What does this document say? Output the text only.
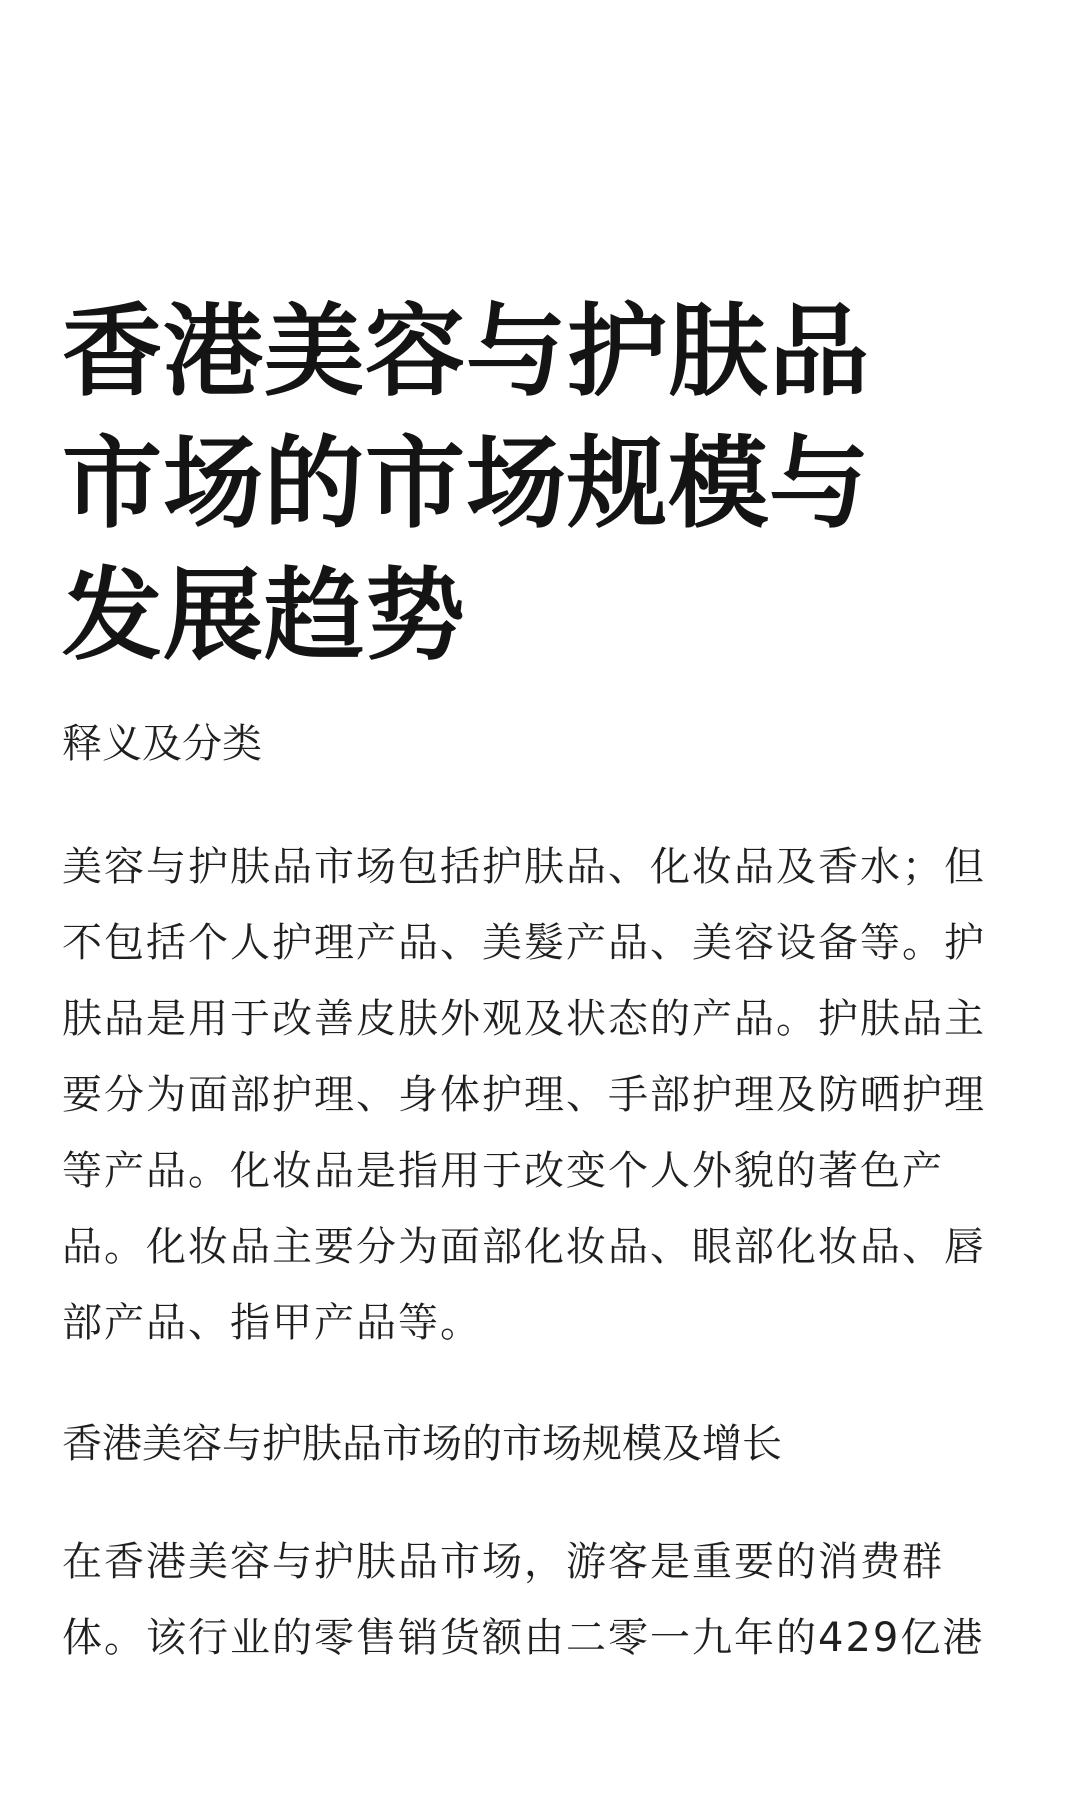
香港美容与护肤品
市场的市场规模与
发展趋势
释义及分类

美容与护肤品市场包括护肤品、化妆品及香水；但
不包括个人护理产品、美髮产品、美容设备等。护
肤品是用于改善皮肤外观及状态的产品。护肤品主
要分为面部护理、身体护理、手部护理及防晒护理
等产品。化妆品是指用于改变个人外貌的著色产
品。化妆品主要分为面部化妆品、眼部化妆品、唇
部产品、指甲产品等。

香港美容与护肤品市场的市场规模及增长

在香港美容与护肤品市场，游客是重要的消费群
体。该行业的零售销货额由二零一九年的429亿港
